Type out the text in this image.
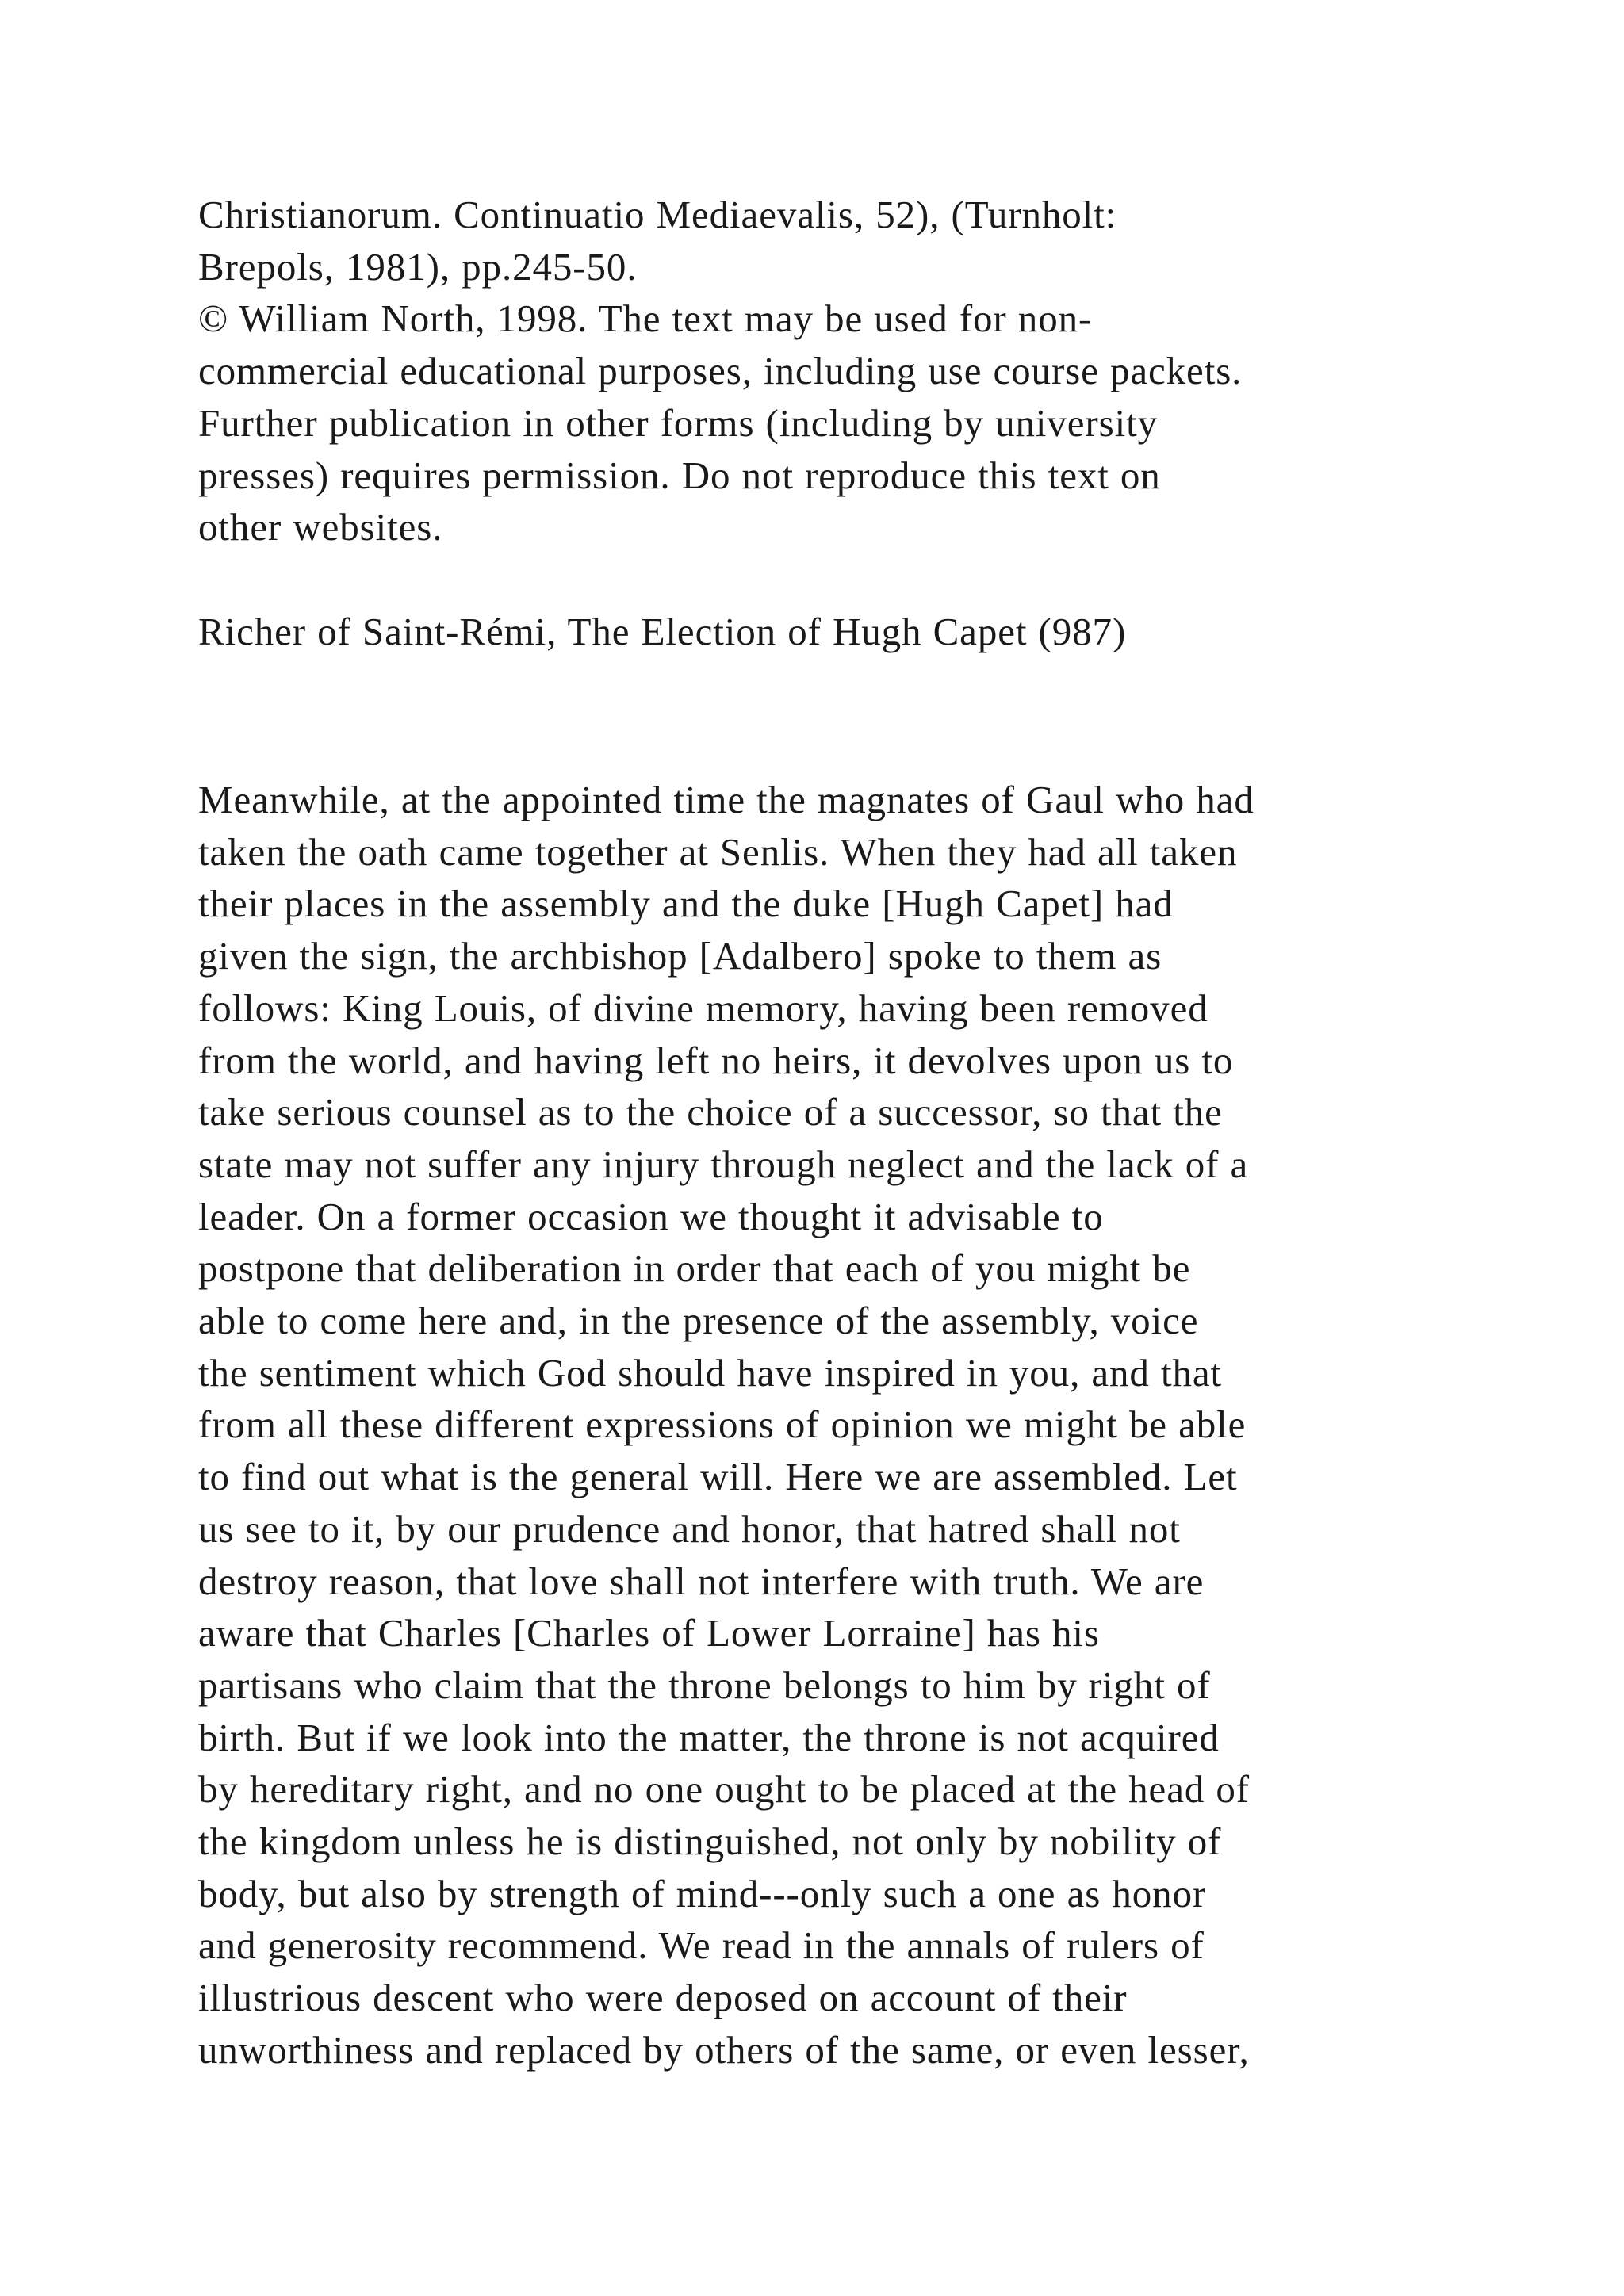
Christianorum. Continuatio Mediaevalis, 52), (Turnholt:
Brepols, 1981), pp.245-50.
© William North, 1998. The text may be used for non-
commercial educational purposes, including use course packets.
Further publication in other forms (including by university
presses) requires permission. Do not reproduce this text on
other websites.
Richer of Saint-Rémi, The Election of Hugh Capet (987)
Meanwhile, at the appointed time the magnates of Gaul who had
taken the oath came together at Senlis. When they had all taken
their places in the assembly and the duke [Hugh Capet] had
given the sign, the archbishop [Adalbero] spoke to them as
follows: King Louis, of divine memory, having been removed
from the world, and having left no heirs, it devolves upon us to
take serious counsel as to the choice of a successor, so that the
state may not suffer any injury through neglect and the lack of a
leader. On a former occasion we thought it advisable to
postpone that deliberation in order that each of you might be
able to come here and, in the presence of the assembly, voice
the sentiment which God should have inspired in you, and that
from all these different expressions of opinion we might be able
to find out what is the general will. Here we are assembled. Let
us see to it, by our prudence and honor, that hatred shall not
destroy reason, that love shall not interfere with truth. We are
aware that Charles [Charles of Lower Lorraine] has his
partisans who claim that the throne belongs to him by right of
birth. But if we look into the matter, the throne is not acquired
by hereditary right, and no one ought to be placed at the head of
the kingdom unless he is distinguished, not only by nobility of
body, but also by strength of mind---only such a one as honor
and generosity recommend. We read in the annals of rulers of
illustrious descent who were deposed on account of their
unworthiness and replaced by others of the same, or even lesser,
